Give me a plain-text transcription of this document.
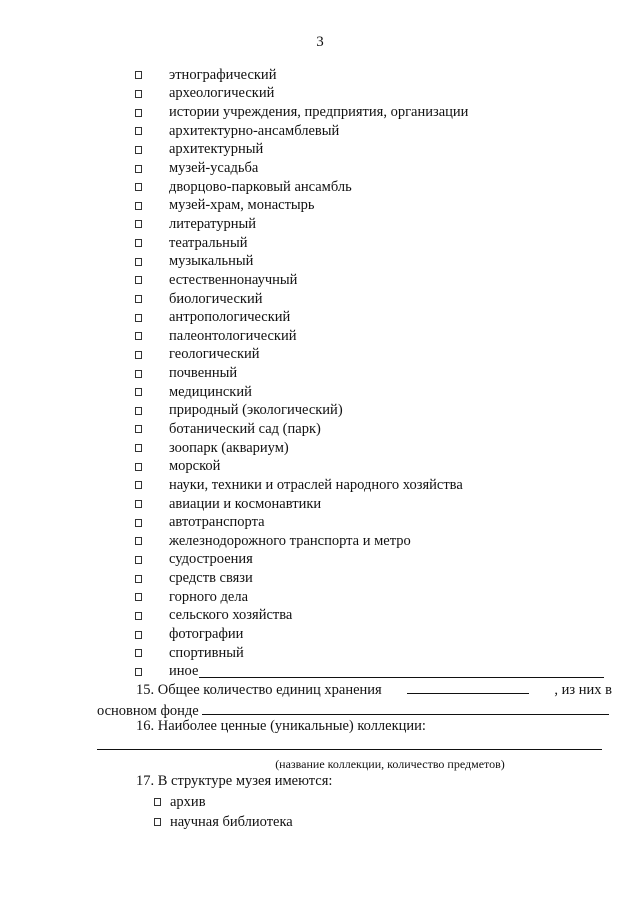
3
этнографический
археологический
истории учреждения, предприятия, организации
архитектурно-ансамблевый
архитектурный
музей-усадьба
дворцово-парковый ансамбль
музей-храм, монастырь
литературный
театральный
музыкальный
естественнонаучный
биологический
антропологический
палеонтологический
геологический
почвенный
медицинский
природный (экологический)
ботанический сад (парк)
зоопарк (аквариум)
морской
науки, техники и отраслей народного хозяйства
авиации и космонавтики
автотранспорта
железнодорожного транспорта и метро
судостроения
средств связи
горного дела
сельского хозяйства
фотографии
спортивный
иное
15. Общее количество единиц хранения	, из них в
основном фонде
16. Наиболее ценные (уникальные) коллекции:
(название коллекции, количество предметов)
17. В структуре музея имеются:
архив
научная библиотека
